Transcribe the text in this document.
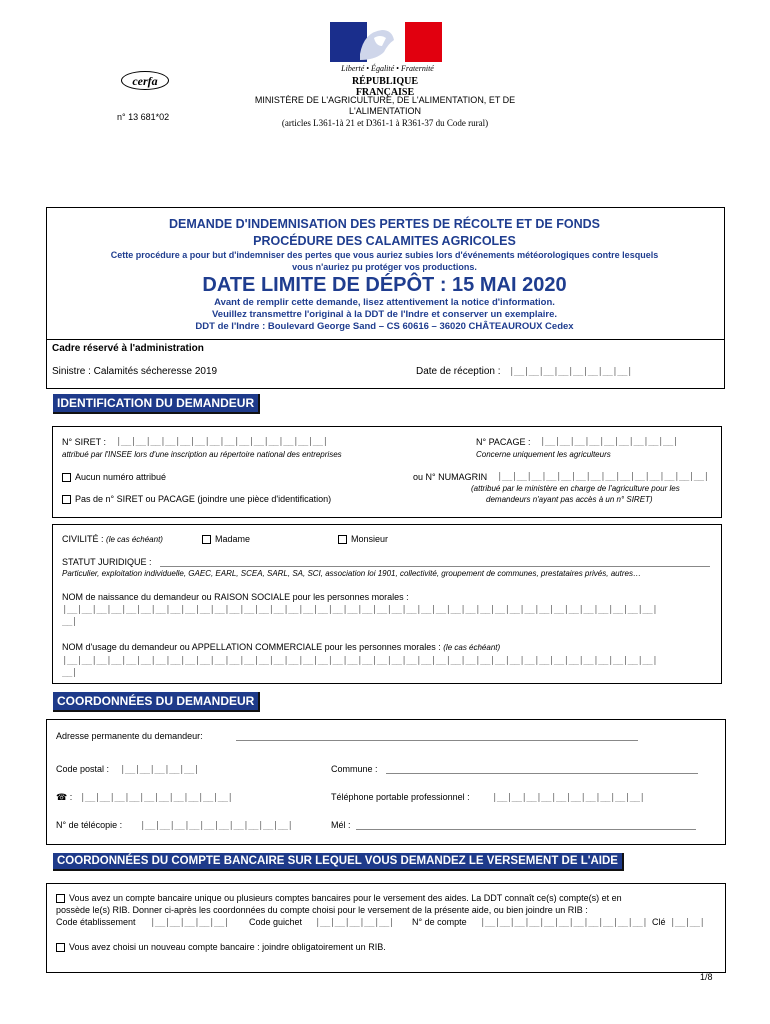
Liberté • Égalité • Fraternité
RÉPUBLIQUE FRANÇAISE
cerfa
n° 13 681*02
MINISTÈRE DE L'AGRICULTURE, DE L'ALIMENTATION, ET DE
L'ALIMENTATION
(articles L361-1à 21 et D361-1 à R361-37 du Code rural)
DEMANDE D'INDEMNISATION DES PERTES DE RÉCOLTE ET DE FONDS
PROCÉDURE DES CALAMITES AGRICOLES
Cette procédure a pour but d'indemniser des pertes que vous auriez subies lors d'événements météorologiques contre lesquels
vous n'auriez pu protéger vos productions.
DATE LIMITE DE DÉPÔT : 15 MAI 2020
Avant de remplir cette demande, lisez attentivement la notice d'information.
Veuillez transmettre l'original à la DDT de l'Indre et conserver un exemplaire.
DDT de l'Indre : Boulevard George Sand – CS 60616 – 36020 CHÂTEAUROUX Cedex
Cadre réservé à l'administration
Sinistre : Calamités sécheresse 2019	Date de réception : |__|__|__|__|__|__|__|__|
IDENTIFICATION DU DEMANDEUR
N° SIRET : |__|__|__|__|__|__|__|__|__|__|__|__|__|__|
attribué par l'INSEE lors d'une inscription au répertoire national des entreprises
N° PACAGE : |__|__|__|__|__|__|__|__|__|
Concerne uniquement les agriculteurs
Aucun numéro attribué	ou N° NUMAGRIN |__|__|__|__|__|__|__|__|__|__|__|__|__|__|
(attribué par le ministère en charge de l'agriculture pour les
demandeurs n'ayant pas accès à un n° SIRET)
Pas de n° SIRET ou PACAGE (joindre une pièce d'identification)
CIVILITÉ : (le cas échéant)	Madame	Monsieur
STATUT JURIDIQUE :
Particulier, exploitation individuelle, GAEC, EARL, SCEA, SARL, SA, SCI, association loi 1901, collectivité, groupement de communes, prestataires privés, autres…
NOM de naissance du demandeur ou RAISON SOCIALE pour les personnes morales :
|__|__|__|__|__|__|__|__|__|__|__|__|__|__|__|__|__|__|__|__|__|__|__|__|__|__|__|__|__|__|__|__|__|__|__|__|__|__|__|__|
__|
NOM d'usage du demandeur ou APPELLATION COMMERCIALE pour les personnes morales : (le cas échéant)
|__|__|__|__|__|__|__|__|__|__|__|__|__|__|__|__|__|__|__|__|__|__|__|__|__|__|__|__|__|__|__|__|__|__|__|__|__|__|__|__|
__|
COORDONNÉES DU DEMANDEUR
Adresse permanente du demandeur:
Code postal : |__|__|__|__|__|	Commune :
☎ : |__|__|__|__|__|__|__|__|__|__|	Téléphone portable professionnel : |__|__|__|__|__|__|__|__|__|__|
N° de télécopie : |__|__|__|__|__|__|__|__|__|__|	Mél :
COORDONNÉES DU COMPTE BANCAIRE SUR LEQUEL VOUS DEMANDEZ LE VERSEMENT DE L'AIDE
Vous avez un compte bancaire unique ou plusieurs comptes bancaires pour le versement des aides. La DDT connaît ce(s) compte(s) et en
possède le(s) RIB. Donner ci-après les coordonnées du compte choisi pour le versement de la présente aide, ou bien joindre un RIB :
Code établissement |__|__|__|__|__| Code guichet |__|__|__|__|__| N° de compte |__|__|__|__|__|__|__|__|__|__|__| Clé |__|__|
Vous avez choisi un nouveau compte bancaire : joindre obligatoirement un RIB.
1/8
